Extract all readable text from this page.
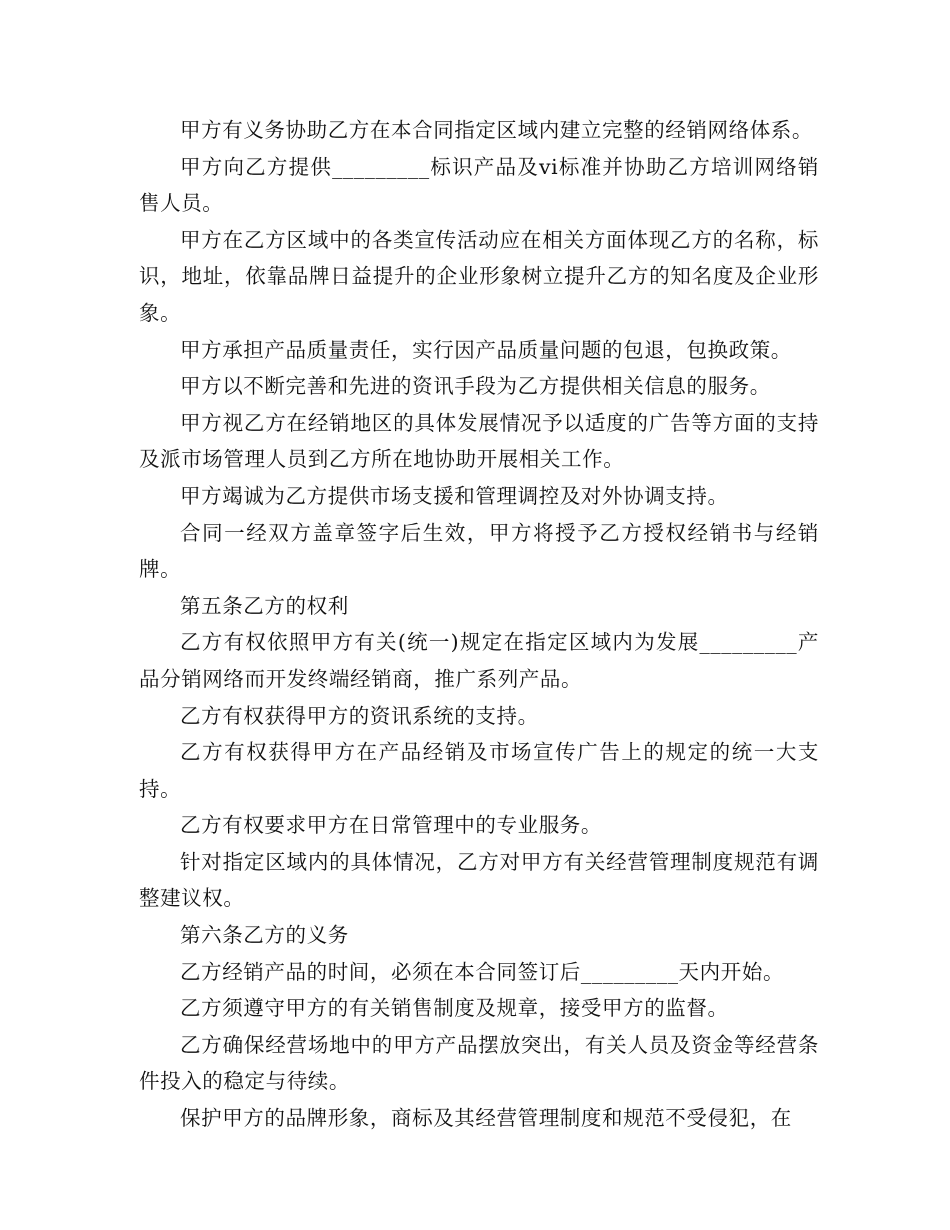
甲方有义务协助乙方在本合同指定区域内建立完整的经销网络体系。

甲方向乙方提供_________标识产品及vi标准并协助乙方培训网络销售人员。

甲方在乙方区域中的各类宣传活动应在相关方面体现乙方的名称，标识，地址，依靠品牌日益提升的企业形象树立提升乙方的知名度及企业形象。

甲方承担产品质量责任，实行因产品质量问题的包退，包换政策。

甲方以不断完善和先进的资讯手段为乙方提供相关信息的服务。

甲方视乙方在经销地区的具体发展情况予以适度的广告等方面的支持及派市场管理人员到乙方所在地协助开展相关工作。

甲方竭诚为乙方提供市场支援和管理调控及对外协调支持。

合同一经双方盖章签字后生效，甲方将授予乙方授权经销书与经销牌。

第五条乙方的权利

乙方有权依照甲方有关(统一)规定在指定区域内为发展_________产品分销网络而开发终端经销商，推广系列产品。

乙方有权获得甲方的资讯系统的支持。

乙方有权获得甲方在产品经销及市场宣传广告上的规定的统一大支持。

乙方有权要求甲方在日常管理中的专业服务。

针对指定区域内的具体情况，乙方对甲方有关经营管理制度规范有调整建议权。

第六条乙方的义务

乙方经销产品的时间，必须在本合同签订后_________天内开始。

乙方须遵守甲方的有关销售制度及规章，接受甲方的监督。

乙方确保经营场地中的甲方产品摆放突出，有关人员及资金等经营条件投入的稳定与待续。

保护甲方的品牌形象，商标及其经营管理制度和规范不受侵犯，在
